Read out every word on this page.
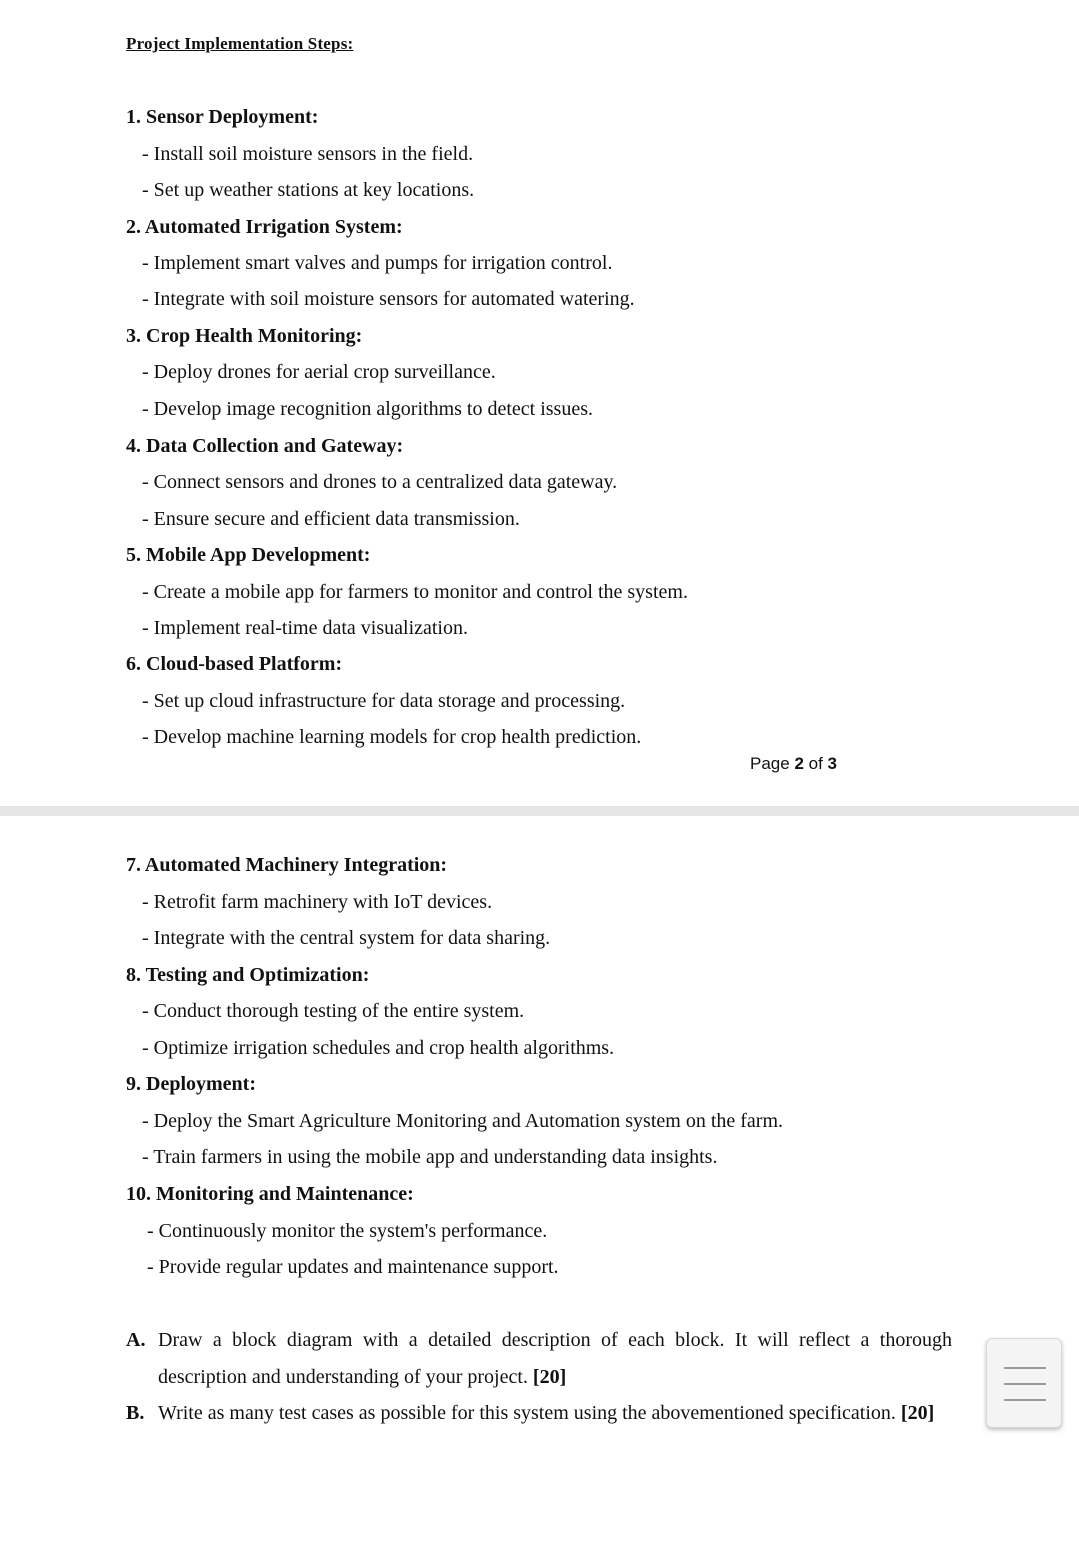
Project Implementation Steps:
1. Sensor Deployment:
- Install soil moisture sensors in the field.
- Set up weather stations at key locations.
2. Automated Irrigation System:
- Implement smart valves and pumps for irrigation control.
- Integrate with soil moisture sensors for automated watering.
3. Crop Health Monitoring:
- Deploy drones for aerial crop surveillance.
- Develop image recognition algorithms to detect issues.
4. Data Collection and Gateway:
- Connect sensors and drones to a centralized data gateway.
- Ensure secure and efficient data transmission.
5. Mobile App Development:
- Create a mobile app for farmers to monitor and control the system.
- Implement real-time data visualization.
6. Cloud-based Platform:
- Set up cloud infrastructure for data storage and processing.
- Develop machine learning models for crop health prediction.
Page 2 of 3
7. Automated Machinery Integration:
- Retrofit farm machinery with IoT devices.
- Integrate with the central system for data sharing.
8. Testing and Optimization:
- Conduct thorough testing of the entire system.
- Optimize irrigation schedules and crop health algorithms.
9. Deployment:
- Deploy the Smart Agriculture Monitoring and Automation system on the farm.
- Train farmers in using the mobile app and understanding data insights.
10. Monitoring and Maintenance:
- Continuously monitor the system's performance.
- Provide regular updates and maintenance support.
A. Draw a block diagram with a detailed description of each block. It will reflect a thorough description and understanding of your project. [20]
B. Write as many test cases as possible for this system using the abovementioned specification. [20]
